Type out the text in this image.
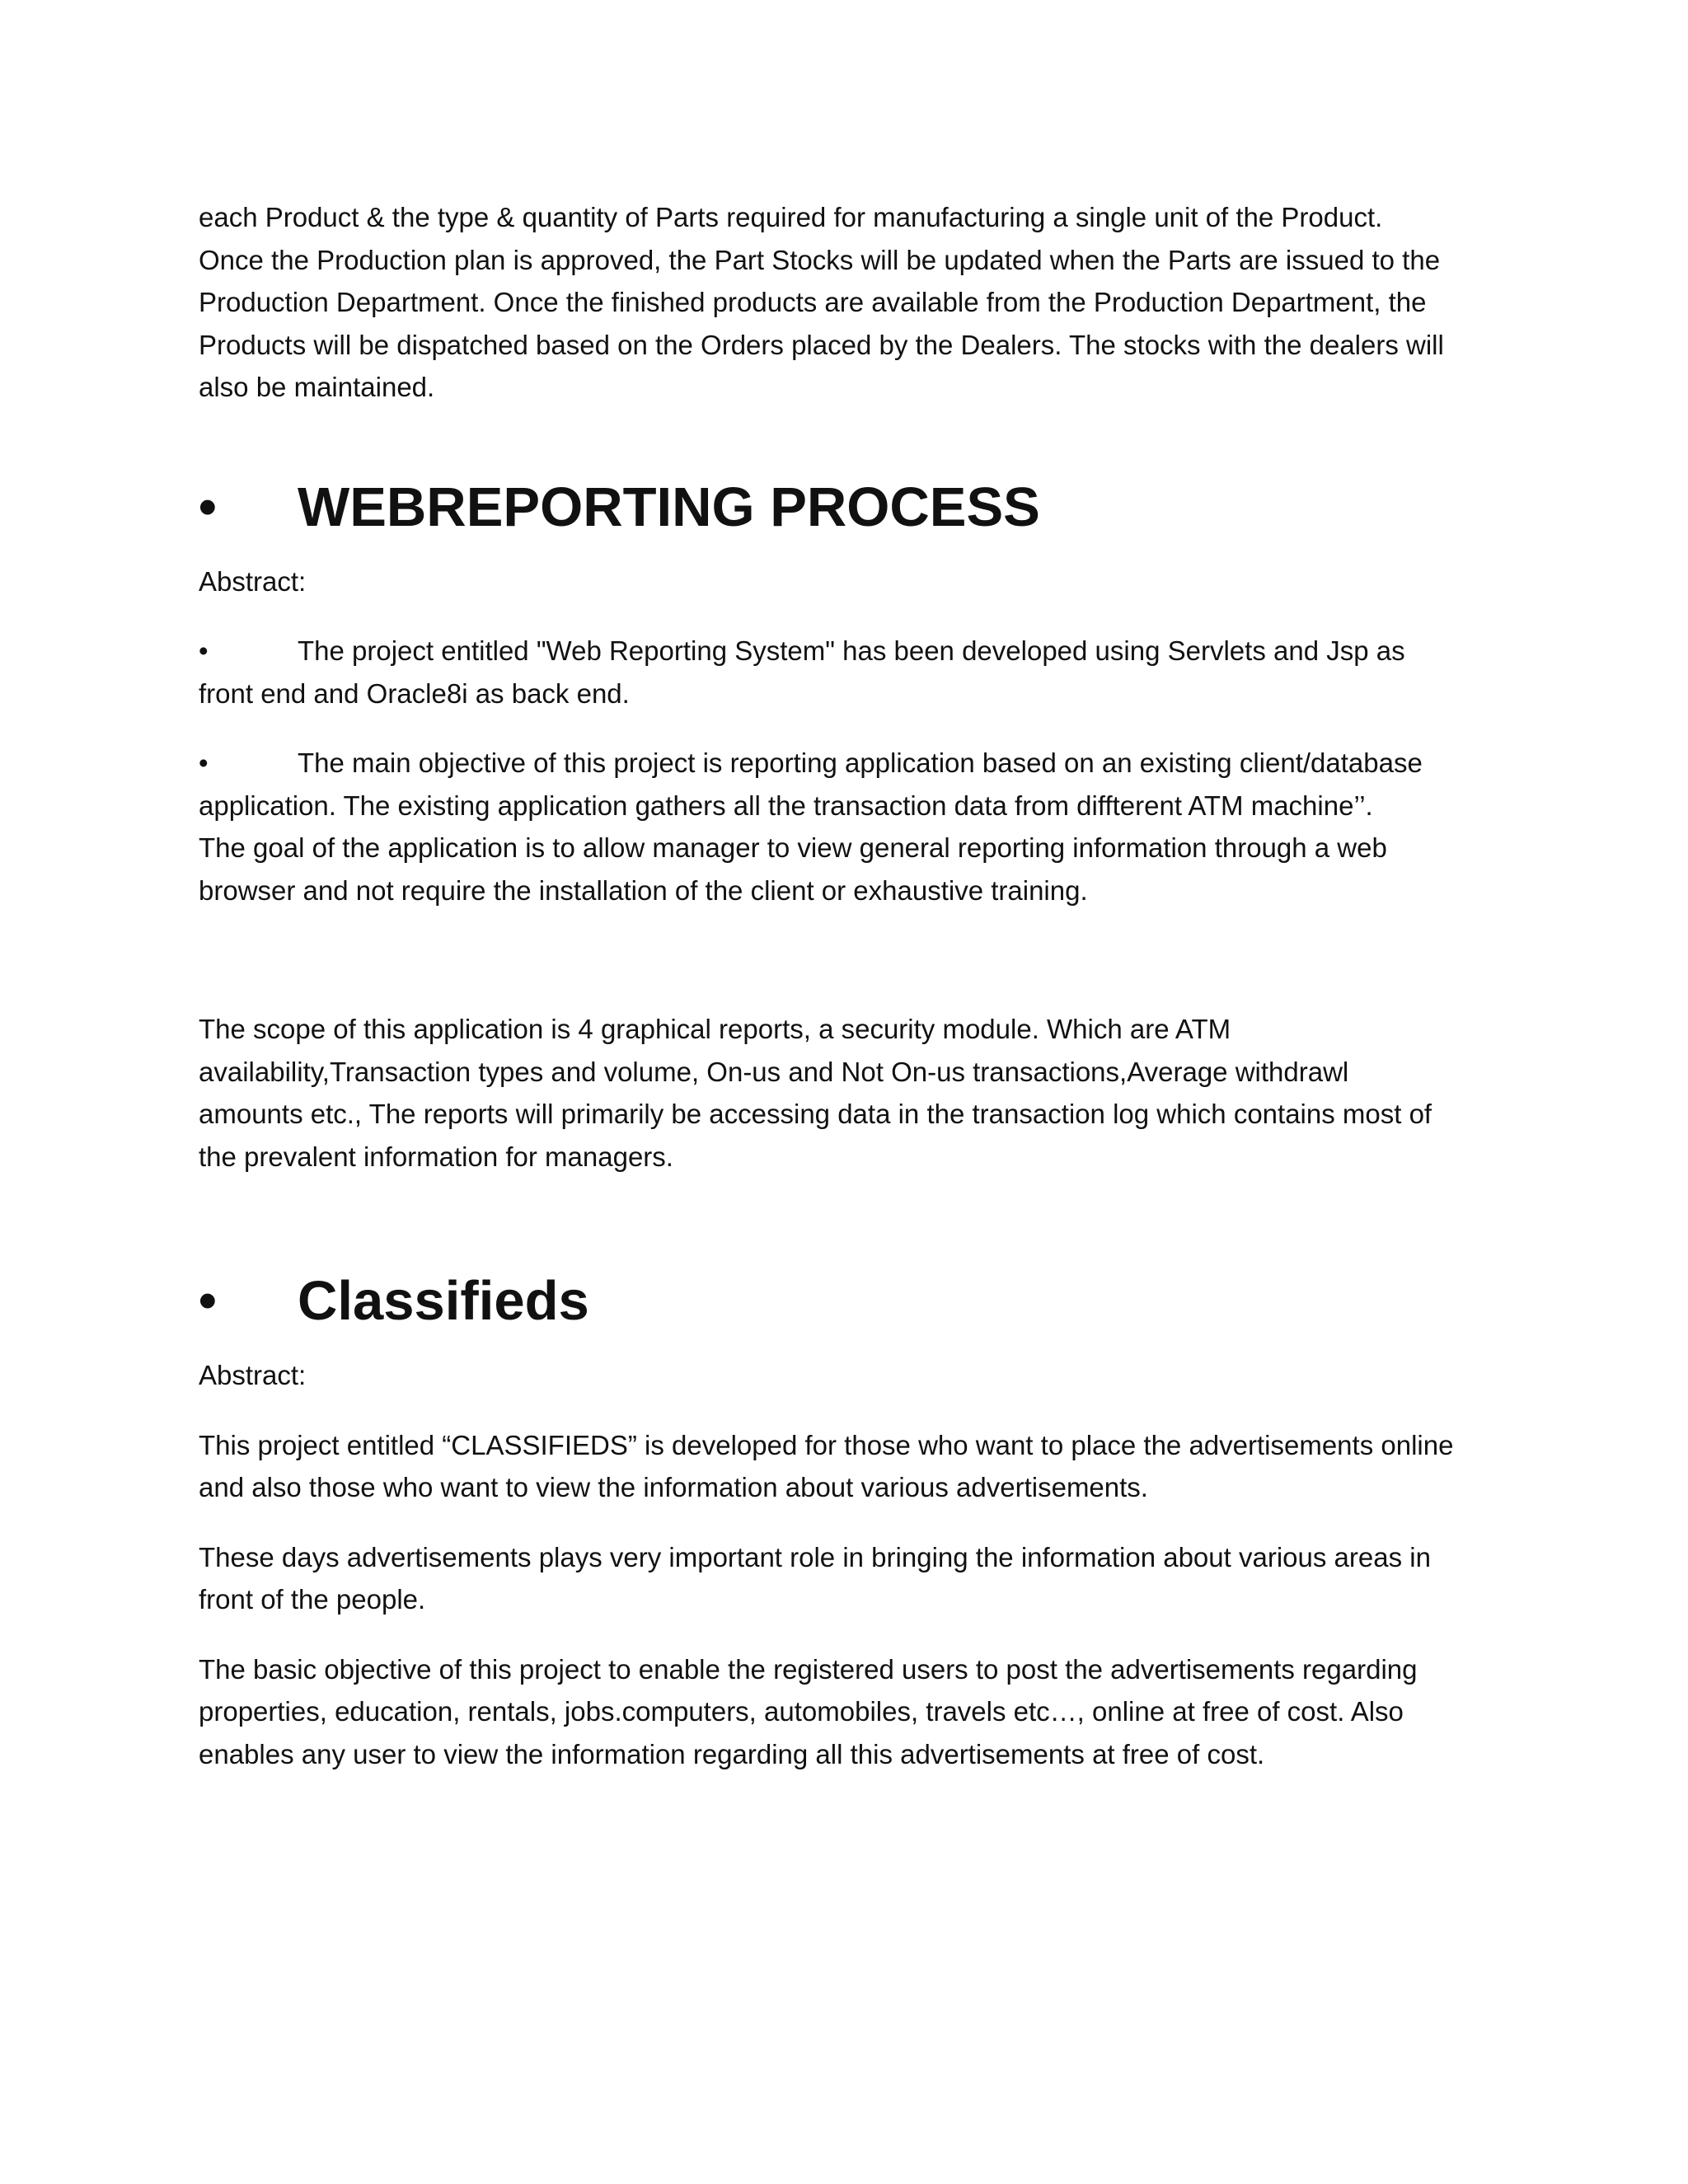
each Product & the type & quantity of Parts required for manufacturing a single unit of the Product.
Once the Production plan is approved, the Part Stocks will be updated when the Parts are issued to the
Production Department. Once the finished products are available from the Production Department, the
Products will be dispatched based on the Orders placed by the Dealers. The stocks with the dealers will
also be maintained.

•	WEBREPORTING PROCESS

Abstract:

•	The project entitled "Web Reporting System" has been developed using Servlets and Jsp as
front end and Oracle8i as back end.

•	The main objective of this project is reporting application based on an existing client/database
application. The existing application gathers all the transaction data from diffterent ATM machine’’.
The goal of the application is to allow manager to view general reporting information through a web
browser and not require the installation of the client or exhaustive training.

The scope of this application is 4 graphical reports, a security module. Which are ATM
availability,Transaction types and volume, On-us and Not On-us transactions,Average withdrawl
amounts etc., The reports will primarily be accessing data in the transaction log which contains most of
the prevalent information for managers.

•	Classifieds

Abstract:

This project entitled “CLASSIFIEDS” is developed for those who want to place the advertisements online
and also those who want to view the information about various advertisements.

These days advertisements plays very important role in bringing the information about various areas in
front of the people.

The basic objective of this project to enable the registered users to post the advertisements regarding
properties, education, rentals, jobs.computers, automobiles, travels etc…, online at free of cost. Also
enables any user to view the information regarding all this advertisements at free of cost.
